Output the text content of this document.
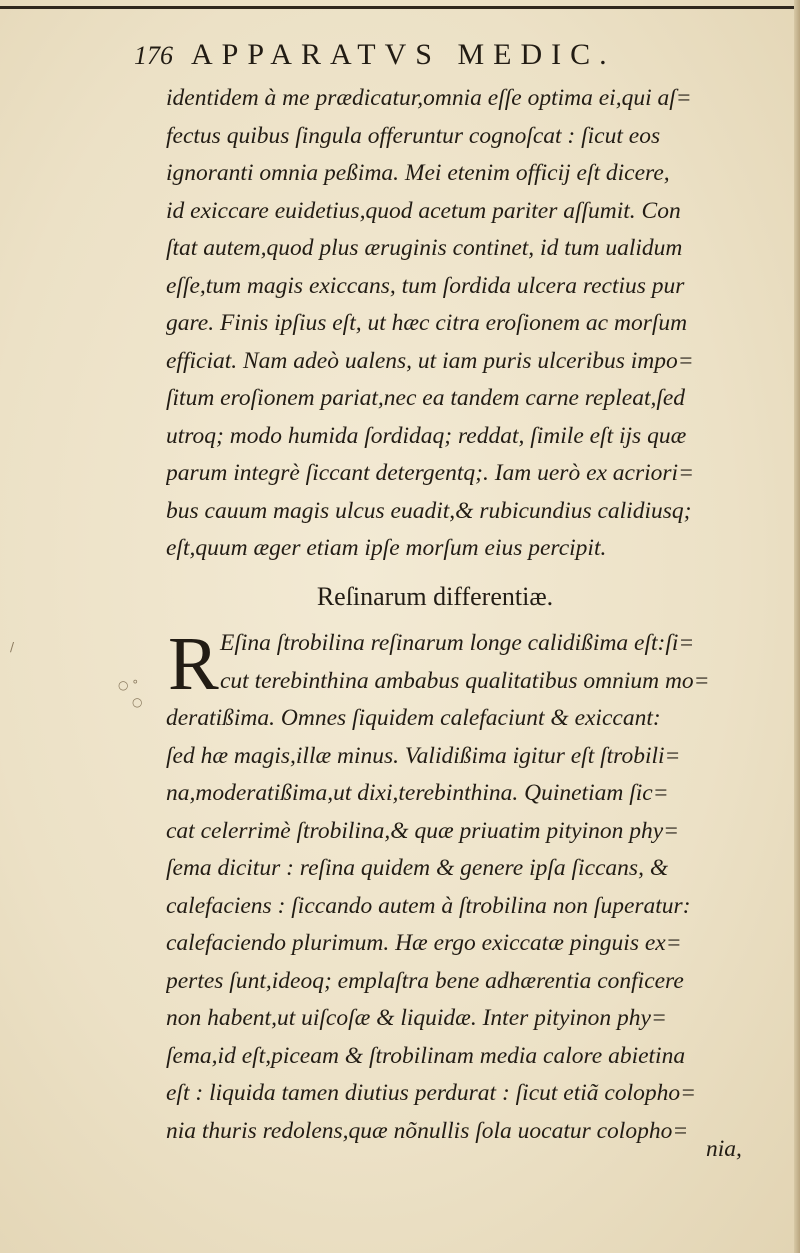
176 APPARATVS MEDIC.
identidem à me prædicatur,omnia eſſe optima ei,qui aſ=
fectus quibus ſingula offeruntur cognoſcat : ſicut eos
ignoranti omnia peßima. Mei etenim officij eſt dicere,
id exiccare euidetius,quod acetum pariter aſſumit. Con
ſtat autem,quod plus æruginis continet, id tum ualidum
eſſe,tum magis exiccans, tum ſordida ulcera rectius pur
gare. Finis ipſius eſt, ut hæc citra eroſionem ac morſum
efficiat. Nam adeò ualens, ut iam puris ulceribus impo=
ſitum eroſionem pariat,nec ea tandem carne repleat,ſed
utroq; modo humida ſordidaq; reddat, ſimile eſt ijs quæ
parum integrè ſiccant detergentq;. Iam uerò ex acriori=
bus cauum magis ulcus euadit,& rubicundius calidiusq;
eſt,quum æger etiam ipſe morſum eius percipit.
Reſinarum differentiæ.
R Eſina ſtrobilina reſinarum longe calidißima eſt:ſi=
cut terebinthina ambabus qualitatibus omnium mo=
deratißima. Omnes ſiquidem calefaciunt & exiccant:
ſed hæ magis,illæ minus. Validißima igitur eſt ſtrobili=
na,moderatißima,ut dixi,terebinthina. Quinetiam ſic=
cat celerrimè ſtrobilina,& quæ priuatim pityinon phy=
ſema dicitur : reſina quidem & genere ipſa ſiccans, &
calefaciens : ſiccando autem à ſtrobilina non ſuperatur:
calefaciendo plurimum. Hæ ergo exiccatæ pinguis ex=
pertes ſunt,ideoq; emplaſtra bene adhærentia conficere
non habent,ut uiſcoſæ & liquidæ. Inter pityinon phy=
ſema,id eſt,piceam & ſtrobilinam media calore abietina
eſt : liquida tamen diutius perdurat : ſicut etiã colopho=
nia thuris redolens,quæ nõnullis ſola uocatur colopho=
nia,
○ °
○
/
